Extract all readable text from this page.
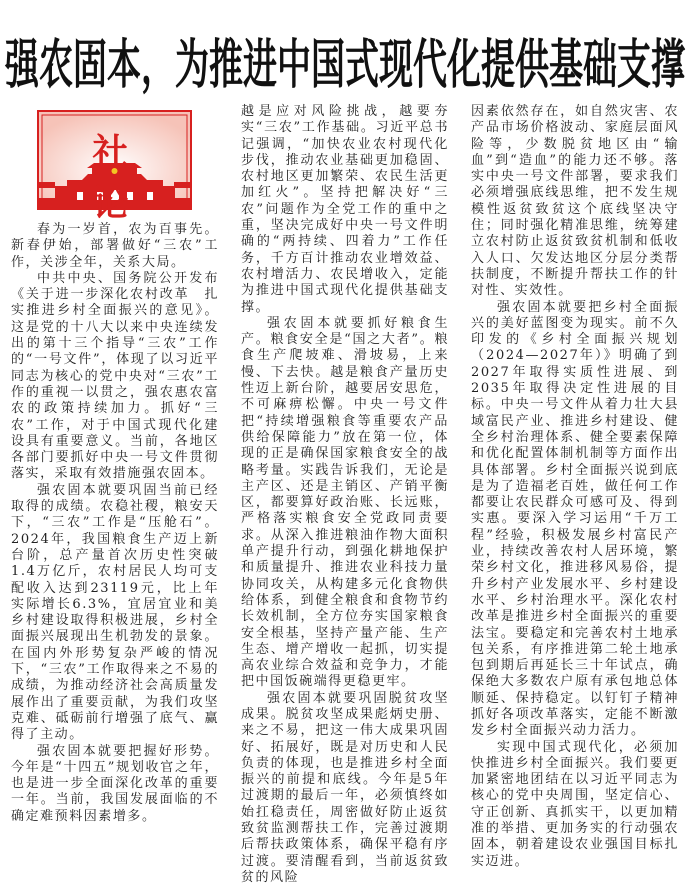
强农固本，为推进中国式现代化提供基础支撑
社 论

春为一岁首，农为百事先。新春伊始，部署做好“三农”工作，关涉全年，关系大局。

中共中央、国务院公开发布《关于进一步深化农村改革　扎实推进乡村全面振兴的意见》。这是党的十八大以来中央连续发出的第十三个指导“三农”工作的“一号文件”，体现了以习近平同志为核心的党中央对“三农”工作的重视一以贯之，强农惠农富农的政策持续加力。抓好“三农”工作，对于中国式现代化建设具有重要意义。当前，各地区各部门要抓好中央一号文件贯彻落实，采取有效措施强农固本。

强农固本就要巩固当前已经取得的成绩。农稳社稷，粮安天下，“三农”工作是“压舱石”。2024年，我国粮食生产迈上新台阶，总产量首次历史性突破1.4万亿斤，农村居民人均可支配收入达到23119元，比上年实际增长6.3%，宜居宜业和美乡村建设取得积极进展，乡村全面振兴展现出生机勃发的景象。在国内外形势复杂严峻的情况下，“三农”工作取得来之不易的成绩，为推动经济社会高质量发展作出了重要贡献，为我们攻坚克难、砥砺前行增强了底气、赢得了主动。

强农固本就要把握好形势。今年是“十四五”规划收官之年，也是进一步全面深化改革的重要一年。当前，我国发展面临的不确定难预料因素增多。

越是应对风险挑战，越要夯实“三农”工作基础。习近平总书记强调，“加快农业农村现代化步伐，推动农业基础更加稳固、农村地区更加繁荣、农民生活更加红火”。坚持把解决好“三农”问题作为全党工作的重中之重，坚决完成好中央一号文件明确的“两持续、四着力”工作任务，千方百计推动农业增效益、农村增活力、农民增收入，定能为推进中国式现代化提供基础支撑。

强农固本就要抓好粮食生产。粮食安全是“国之大者”。粮食生产爬坡难、滑坡易，上来慢、下去快。越是粮食产量历史性迈上新台阶，越要居安思危，不可麻痹松懈。中央一号文件把“持续增强粮食等重要农产品供给保障能力”放在第一位，体现的正是确保国家粮食安全的战略考量。实践告诉我们，无论是主产区、还是主销区、产销平衡区，都要算好政治账、长远账，严格落实粮食安全党政同责要求。从深入推进粮油作物大面积单产提升行动，到强化耕地保护和质量提升、推进农业科技力量协同攻关，从构建多元化食物供给体系，到健全粮食和食物节约长效机制，全方位夯实国家粮食安全根基，坚持产量产能、生产生态、增产增收一起抓，切实提高农业综合效益和竞争力，才能把中国饭碗端得更稳更牢。

强农固本就要巩固脱贫攻坚成果。脱贫攻坚成果彪炳史册、来之不易，把这一伟大成果巩固好、拓展好，既是对历史和人民负责的体现，也是推进乡村全面振兴的前提和底线。今年是5年过渡期的最后一年，必须慎终如始扛稳责任，周密做好防止返贫致贫监测帮扶工作，完善过渡期后帮扶政策体系，确保平稳有序过渡。要清醒看到，当前返贫致贫的风险

因素依然存在，如自然灾害、农产品市场价格波动、家庭层面风险等，少数脱贫地区由“输血”到“造血”的能力还不够。落实中央一号文件部署，要求我们必须增强底线思维，把不发生规模性返贫致贫这个底线坚决守住；同时强化精准思维，统筹建立农村防止返贫致贫机制和低收入人口、欠发达地区分层分类帮扶制度，不断提升帮扶工作的针对性、实效性。

强农固本就要把乡村全面振兴的美好蓝图变为现实。前不久印发的《乡村全面振兴规划（2024—2027年）》明确了到2027年取得实质性进展、到2035年取得决定性进展的目标。中央一号文件从着力壮大县域富民产业、推进乡村建设、健全乡村治理体系、健全要素保障和优化配置体制机制等方面作出具体部署。乡村全面振兴说到底是为了造福老百姓，做任何工作都要让农民群众可感可及、得到实惠。要深入学习运用“千万工程”经验，积极发展乡村富民产业，持续改善农村人居环境，繁荣乡村文化，推进移风易俗，提升乡村产业发展水平、乡村建设水平、乡村治理水平。深化农村改革是推进乡村全面振兴的重要法宝。要稳定和完善农村土地承包关系，有序推进第二轮土地承包到期后再延长三十年试点，确保绝大多数农户原有承包地总体顺延、保持稳定。以钉钉子精神抓好各项改革落实，定能不断激发乡村全面振兴动力活力。

实现中国式现代化，必须加快推进乡村全面振兴。我们要更加紧密地团结在以习近平同志为核心的党中央周围，坚定信心、守正创新、真抓实干，以更加精准的举措、更加务实的行动强农固本，朝着建设农业强国目标扎实迈进。
